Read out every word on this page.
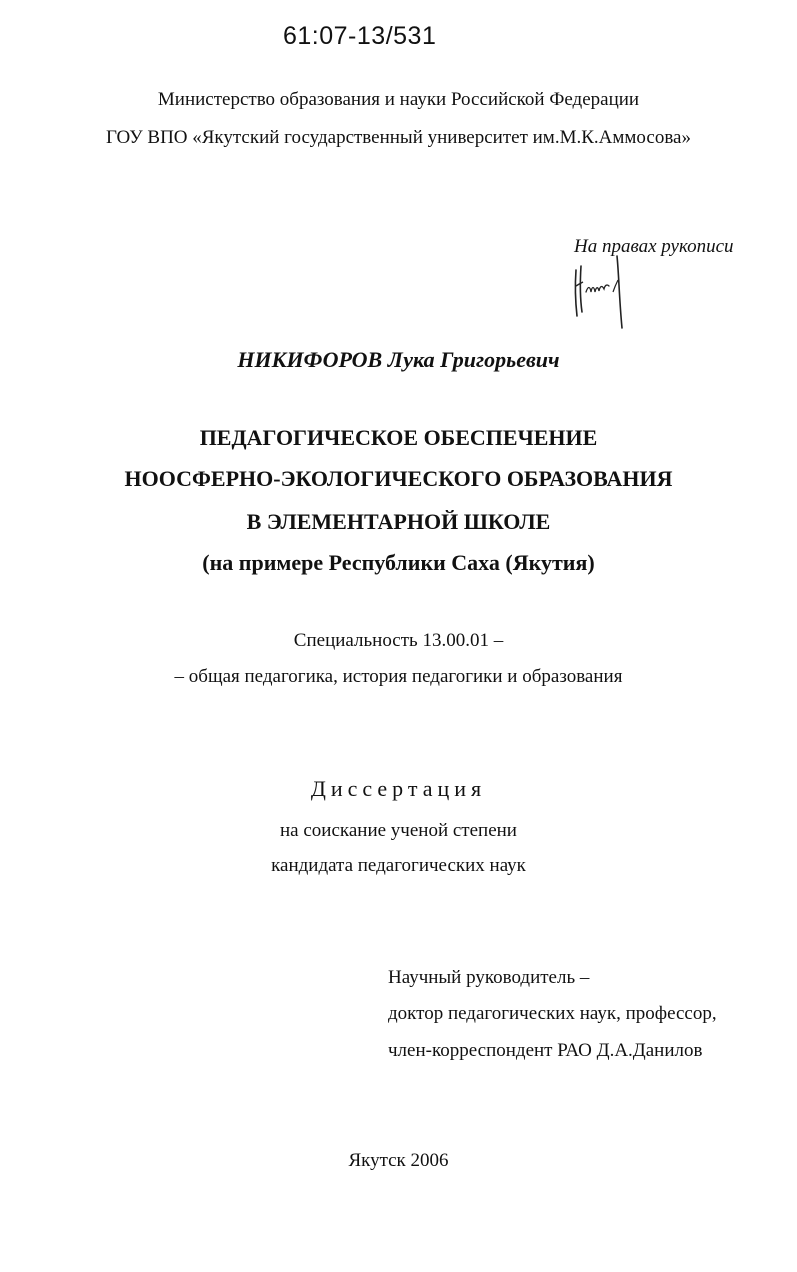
61:07-13/531
Министерство образования и науки Российской Федерации
ГОУ ВПО «Якутский государственный университет им.М.К.Аммосова»
На правах рукописи
НИКИФОРОВ Лука Григорьевич
ПЕДАГОГИЧЕСКОЕ ОБЕСПЕЧЕНИЕ
НООСФЕРНО-ЭКОЛОГИЧЕСКОГО ОБРАЗОВАНИЯ
В ЭЛЕМЕНТАРНОЙ ШКОЛЕ
(на примере Республики Саха (Якутия)
Специальность 13.00.01 –
– общая педагогика, история педагогики и образования
Диссертация
на соискание ученой степени
кандидата педагогических наук
Научный руководитель –
доктор педагогических наук, профессор,
член-корреспондент РАО Д.А.Данилов
Якутск 2006
